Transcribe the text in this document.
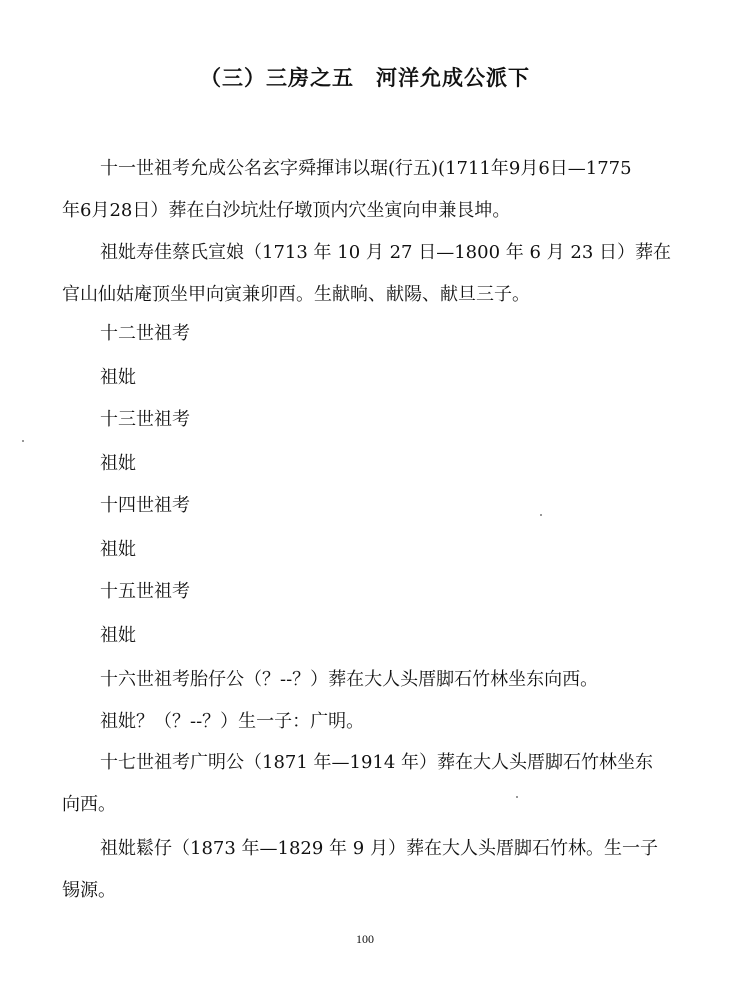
（三）三房之五　河洋允成公派下
十一世祖考允成公名玄字舜揮讳以琚(行五)(1711年9月6日—1775
年6月28日）葬在白沙坑灶仔墩顶内穴坐寅向申兼艮坤。
祖妣寿佳蔡氏宣娘（1713 年 10 月 27 日—1800 年 6 月 23 日）葬在
官山仙姑庵顶坐甲向寅兼卯酉。生献晌、献陽、献旦三子。
十二世祖考
祖妣
十三世祖考
祖妣
十四世祖考
祖妣
十五世祖考
祖妣
十六世祖考胎仔公（？--？）葬在大人头厝脚石竹林坐东向西。
祖妣？（？--？）生一子：广明。
十七世祖考广明公（1871 年—1914 年）葬在大人头厝脚石竹林坐东
向西。
祖妣鬆仔（1873 年—1829 年 9 月）葬在大人头厝脚石竹林。生一子
锡源。
100
